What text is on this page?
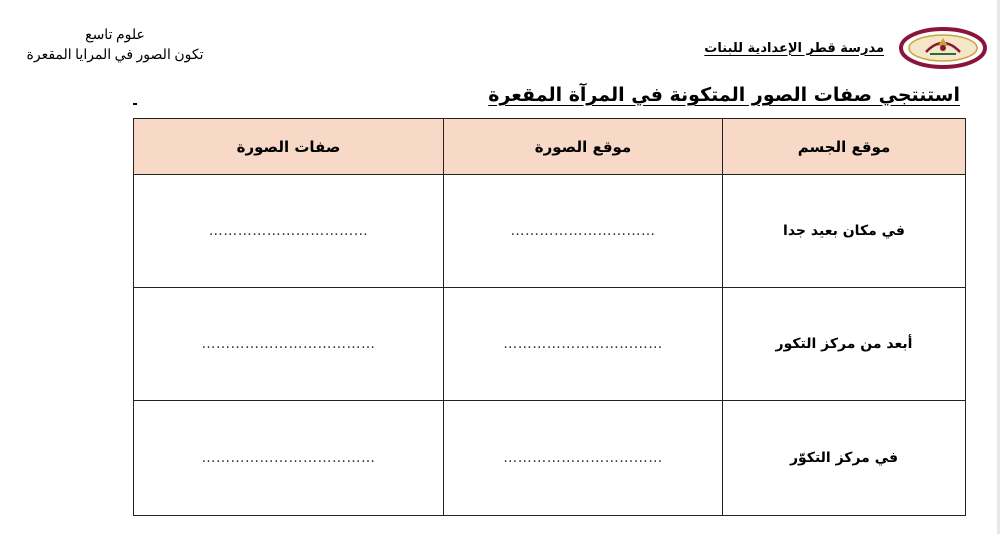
علوم تاسع
تكون الصور في المرايا المقعرة	مدرسة قطر الإعدادية للبنات
استنتجي صفات الصور المتكونة في المرآة المقعرة
موقع الجسم	موقع الصورة	صفات الصورة
في مكان بعيد جدا	…………………………	……………………………
أبعد من مركز التكور	……………………………	………………………………
في مركز التكوّر	……………………………	………………………………
